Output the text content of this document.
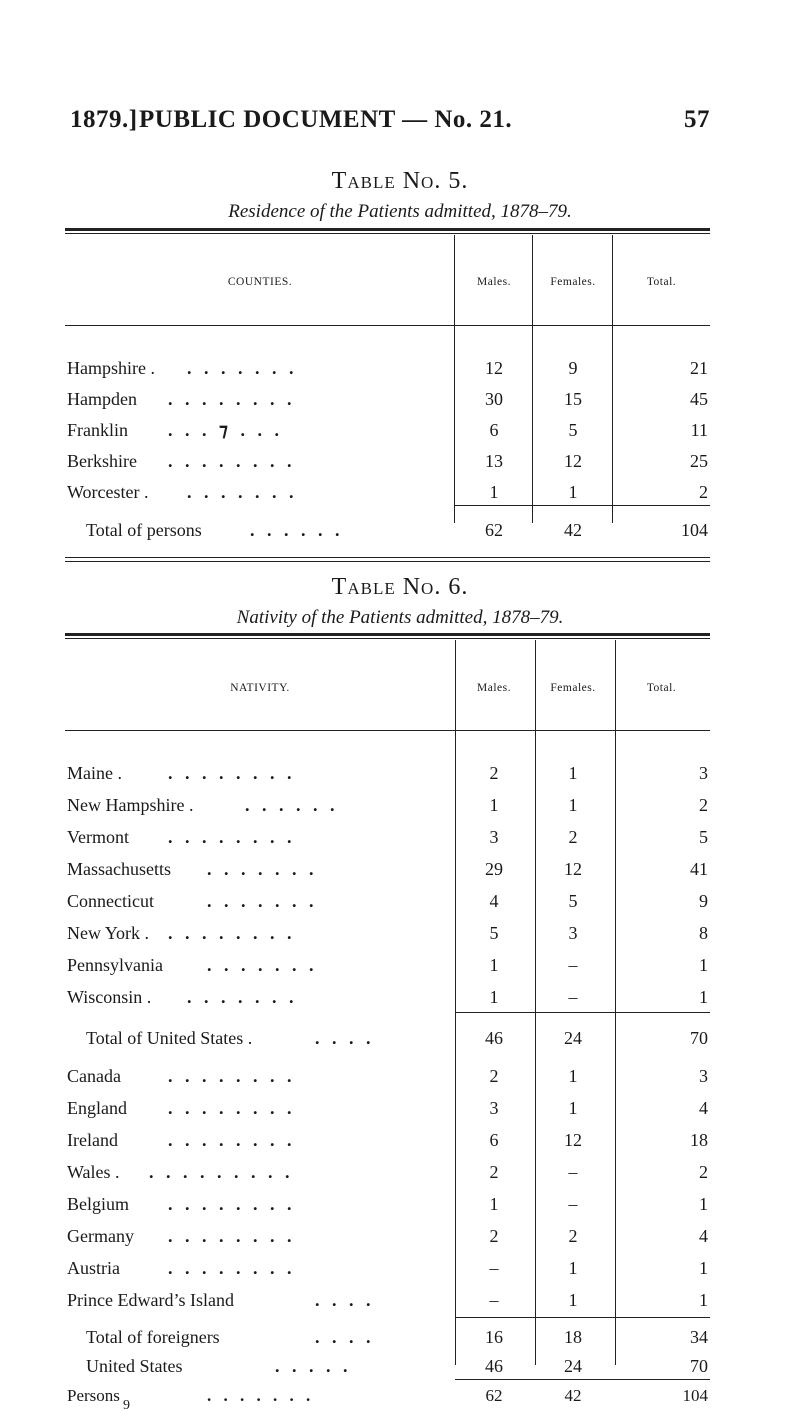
1879.] PUBLIC DOCUMENT — No. 21.	57
Table No. 5.
Residence of the Patients admitted, 1878–79.
COUNTIES.	Males.	Females.	Total.
Hampshire . . . . . . . .	12	9	21
Hampden . . . . . . . .	30	15	45
Franklin . . . ⁊ . . .	6	5	11
Berkshire . . . . . . . .	13	12	25
Worcester . . . . . . . .	1	1	2
Total of persons	. . . . . .	62	42	104
Table No. 6.
Nativity of the Patients admitted, 1878–79.
NATIVITY.	Males.	Females.	Total.
Maine .	. . . . . . . .	2	1	3
New Hampshire .	. . . . . .	1	1	2
Vermont . . . . . . . .	3	2	5
Massachusetts . . . . . . .	29	12	41
Connecticut	. . . . . . .	4	5	9
New York . . . . . . . . .	5	3	8
Pennsylvania . . . . . . .	1	–	1
Wisconsin . . . . . . . .	1	–	1
Total of United States .	. . . .	46	24	70
Canada	. . . . . . . .	2	1	3
England . . . . . . . .	3	1	4
Ireland	. . . . . . . .	6	12	18
Wales . . . . . . . . . .	2	–	2
Belgium . . . . . . . .	1	–	1
Germany . . . . . . . .	2	2	4
Austria	. . . . . . . .	–	1	1
Prince Edward’s Island	. . . .	–	1	1
Total of foreigners	. . . .	16	18	34
United States	. . . . .	46	24	70
Persons	. . . . . . .	62	42	104
9
